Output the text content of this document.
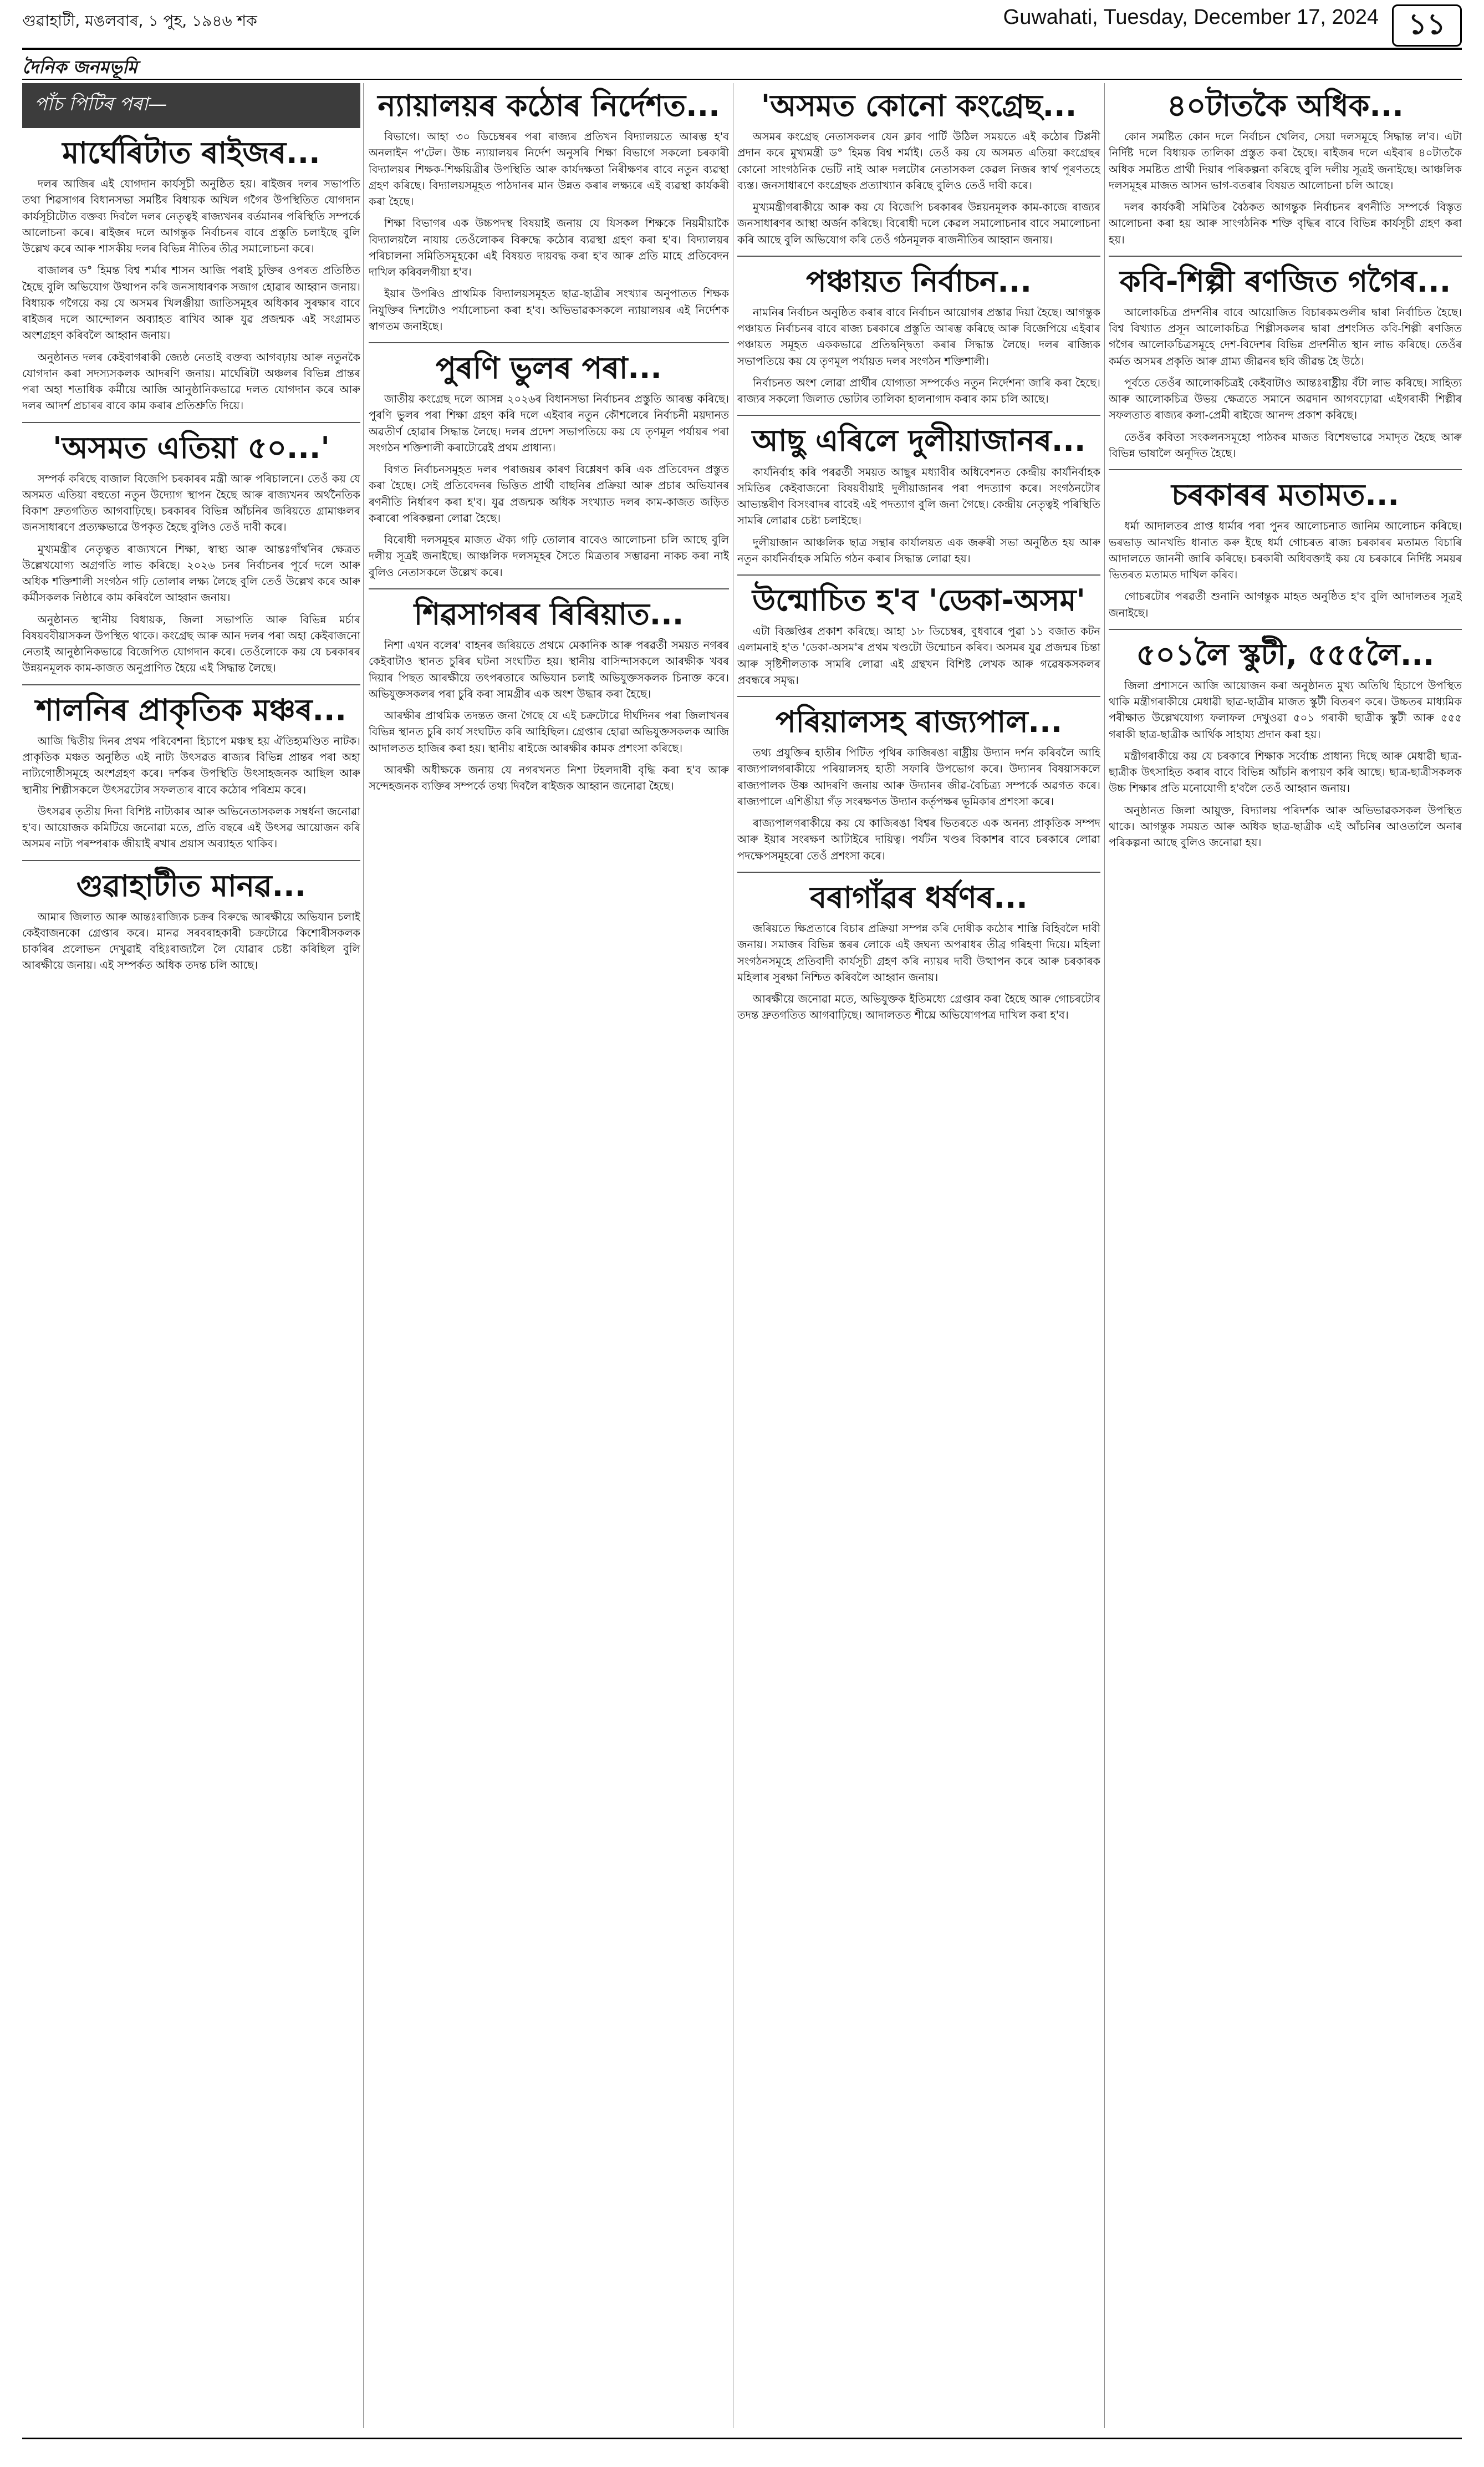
গুৱাহাটী, মঙলবাৰ, ১ পুহ, ১৯৪৬ শক	Guwahati, Tuesday, December 17, 2024	১১
দৈনিক জনমভূমি
পাঁচ পিটিৰ পৰা—
মাৰ্ঘেৰিটাত ৰাইজৰ...

দলৰ আজিৰ এই যোগদান কাৰ্যসূচী অনুষ্ঠিত হয়। ৰাইজৰ দলৰ সভাপতি তথা শিৱসাগৰ বিধানসভা সমষ্টিৰ বিধায়ক অখিল গগৈৰ উপস্থিতিত যোগদান কাৰ্যসূচীটোত বক্তব্য দিবলৈ দলৰ নেতৃত্বই ৰাজ্যখনৰ বৰ্তমানৰ পৰিস্থিতি সম্পৰ্কে আলোচনা কৰে। ৰাইজৰ দলে আগন্তুক নিৰ্বাচনৰ বাবে প্ৰস্তুতি চলাইছে বুলি উল্লেখ কৰে আৰু শাসকীয় দলৰ বিভিন্ন নীতিৰ তীব্ৰ সমালোচনা কৰে।

বাজালৰ ড° হিমন্ত বিশ্ব শৰ্মাৰ শাসন আজি পৰাই চুক্তিৰ ওপৰত প্ৰতিষ্ঠিত হৈছে বুলি অভিযোগ উত্থাপন কৰি জনসাধাৰণক সজাগ হোৱাৰ আহ্বান জনায়। বিধায়ক গগৈয়ে কয় যে অসমৰ খিলঞ্জীয়া জাতিসমূহৰ অধিকাৰ সুৰক্ষাৰ বাবে ৰাইজৰ দলে আন্দোলন অব্যাহত ৰাখিব আৰু যুৱ প্ৰজন্মক এই সংগ্ৰামত অংশগ্ৰহণ কৰিবলৈ আহ্বান জনায়।

অনুষ্ঠানত দলৰ কেইবাগৰাকী জ্যেষ্ঠ নেতাই বক্তব্য আগবঢ়ায় আৰু নতুনকৈ যোগদান কৰা সদস্যসকলক আদৰণি জনায়। মাৰ্ঘেৰিটা অঞ্চলৰ বিভিন্ন প্ৰান্তৰ পৰা অহা শতাধিক কৰ্মীয়ে আজি আনুষ্ঠানিকভাৱে দলত যোগদান কৰে আৰু দলৰ আদৰ্শ প্ৰচাৰৰ বাবে কাম কৰাৰ প্ৰতিশ্ৰুতি দিয়ে।

'অসমত এতিয়া ৫০...'

সম্পৰ্ক কৰিছে বাজাল বিজেপি চৰকাৰৰ মন্ত্ৰী আৰু পৰিচালনে। তেওঁ কয় যে অসমত এতিয়া বহুতো নতুন উদ্যোগ স্থাপন হৈছে আৰু ৰাজ্যখনৰ অৰ্থনৈতিক বিকাশ দ্ৰুতগতিত আগবাঢ়িছে। চৰকাৰৰ বিভিন্ন আঁচনিৰ জৰিয়তে গ্ৰামাঞ্চলৰ জনসাধাৰণে প্ৰত্যক্ষভাৱে উপকৃত হৈছে বুলিও তেওঁ দাবী কৰে।

মুখ্যমন্ত্ৰীৰ নেতৃত্বত ৰাজ্যখনে শিক্ষা, স্বাস্থ্য আৰু আন্তঃগাঁথনিৰ ক্ষেত্ৰত উল্লেখযোগ্য অগ্ৰগতি লাভ কৰিছে। ২০২৬ চনৰ নিৰ্বাচনৰ পূৰ্বে দলে আৰু অধিক শক্তিশালী সংগঠন গঢ়ি তোলাৰ লক্ষ্য লৈছে বুলি তেওঁ উল্লেখ কৰে আৰু কৰ্মীসকলক নিষ্ঠাৰে কাম কৰিবলৈ আহ্বান জনায়।

অনুষ্ঠানত স্থানীয় বিধায়ক, জিলা সভাপতি আৰু বিভিন্ন মৰ্চাৰ বিষয়ববীয়াসকল উপস্থিত থাকে। কংগ্ৰেছ আৰু আন দলৰ পৰা অহা কেইবাজনো নেতাই আনুষ্ঠানিকভাৱে বিজেপিত যোগদান কৰে। তেওঁলোকে কয় যে চৰকাৰৰ উন্নয়নমূলক কাম-কাজত অনুপ্ৰাণিত হৈয়ে এই সিদ্ধান্ত লৈছে।

শালনিৰ প্ৰাকৃতিক মঞ্চৰ...

আজি দ্বিতীয় দিনৰ প্ৰথম পৰিবেশনা হিচাপে মঞ্চস্থ হয় ঐতিহ্যমণ্ডিত নাটক। প্ৰাকৃতিক মঞ্চত অনুষ্ঠিত এই নাট্য উৎসৱত ৰাজ্যৰ বিভিন্ন প্ৰান্তৰ পৰা অহা নাট্যগোষ্ঠীসমূহে অংশগ্ৰহণ কৰে। দৰ্শকৰ উপস্থিতি উৎসাহজনক আছিল আৰু স্থানীয় শিল্পীসকলে উৎসৱটোৰ সফলতাৰ বাবে কঠোৰ পৰিশ্ৰম কৰে।

উৎসৱৰ তৃতীয় দিনা বিশিষ্ট নাট্যকাৰ আৰু অভিনেতাসকলক সম্বৰ্ধনা জনোৱা হ'ব। আয়োজক কমিটিয়ে জনোৱা মতে, প্ৰতি বছৰে এই উৎসৱ আয়োজন কৰি অসমৰ নাট্য পৰম্পৰাক জীয়াই ৰখাৰ প্ৰয়াস অব্যাহত থাকিব।

গুৱাহাটীত মানৱ...

আমাৰ জিলাত আৰু আন্তঃৰাজ্যিক চক্ৰৰ বিৰুদ্ধে আৰক্ষীয়ে অভিযান চলাই কেইবাজনকো গ্ৰেপ্তাৰ কৰে। মানৱ সৰবৰাহকাৰী চক্ৰটোৱে কিশোৰীসকলক চাকৰিৰ প্ৰলোভন দেখুৱাই বহিঃৰাজ্যলৈ লৈ যোৱাৰ চেষ্টা কৰিছিল বুলি আৰক্ষীয়ে জনায়। এই সম্পৰ্কত অধিক তদন্ত চলি আছে।

ন্যায়ালয়ৰ কঠোৰ নিৰ্দেশত...

বিভাগে। আহা ৩০ ডিচেম্বৰৰ পৰা ৰাজ্যৰ প্ৰতিখন বিদ্যালয়তে আৰম্ভ হ'ব অনলাইন প'টেল। উচ্চ ন্যায়ালয়ৰ নিৰ্দেশ অনুসৰি শিক্ষা বিভাগে সকলো চৰকাৰী বিদ্যালয়ৰ শিক্ষক-শিক্ষয়িত্ৰীৰ উপস্থিতি আৰু কাৰ্যদক্ষতা নিৰীক্ষণৰ বাবে নতুন ব্যৱস্থা গ্ৰহণ কৰিছে। বিদ্যালয়সমূহত পাঠদানৰ মান উন্নত কৰাৰ লক্ষ্যৰে এই ব্যৱস্থা কাৰ্যকৰী কৰা হৈছে।

শিক্ষা বিভাগৰ এক উচ্চপদস্থ বিষয়াই জনায় যে যিসকল শিক্ষকে নিয়মীয়াকৈ বিদ্যালয়লৈ নাযায় তেওঁলোকৰ বিৰুদ্ধে কঠোৰ ব্যৱস্থা গ্ৰহণ কৰা হ'ব। বিদ্যালয়ৰ পৰিচালনা সমিতিসমূহকো এই বিষয়ত দায়বদ্ধ কৰা হ'ব আৰু প্ৰতি মাহে প্ৰতিবেদন দাখিল কৰিবলগীয়া হ'ব।

ইয়াৰ উপৰিও প্ৰাথমিক বিদ্যালয়সমূহত ছাত্ৰ-ছাত্ৰীৰ সংখ্যাৰ অনুপাতত শিক্ষক নিযুক্তিৰ দিশটোও পৰ্যালোচনা কৰা হ'ব। অভিভাৱকসকলে ন্যায়ালয়ৰ এই নিৰ্দেশক স্বাগতম জনাইছে।

পুৰণি ভুলৰ পৰা...

জাতীয় কংগ্ৰেছ দলে আসন্ন ২০২৬ৰ বিধানসভা নিৰ্বাচনৰ প্ৰস্তুতি আৰম্ভ কৰিছে। পুৰণি ভুলৰ পৰা শিক্ষা গ্ৰহণ কৰি দলে এইবাৰ নতুন কৌশলেৰে নিৰ্বাচনী ময়দানত অৱতীৰ্ণ হোৱাৰ সিদ্ধান্ত লৈছে। দলৰ প্ৰদেশ সভাপতিয়ে কয় যে তৃণমূল পৰ্যায়ৰ পৰা সংগঠন শক্তিশালী কৰাটোৱেই প্ৰথম প্ৰাধান্য।

বিগত নিৰ্বাচনসমূহত দলৰ পৰাজয়ৰ কাৰণ বিশ্লেষণ কৰি এক প্ৰতিবেদন প্ৰস্তুত কৰা হৈছে। সেই প্ৰতিবেদনৰ ভিত্তিত প্ৰাৰ্থী বাছনিৰ প্ৰক্ৰিয়া আৰু প্ৰচাৰ অভিযানৰ ৰণনীতি নিৰ্ধাৰণ কৰা হ'ব। যুৱ প্ৰজন্মক অধিক সংখ্যাত দলৰ কাম-কাজত জড়িত কৰাৰো পৰিকল্পনা লোৱা হৈছে।

বিৰোধী দলসমূহৰ মাজত ঐক্য গঢ়ি তোলাৰ বাবেও আলোচনা চলি আছে বুলি দলীয় সূত্ৰই জনাইছে। আঞ্চলিক দলসমূহৰ সৈতে মিত্ৰতাৰ সম্ভাৱনা নাকচ কৰা নাই বুলিও নেতাসকলে উল্লেখ কৰে।

শিৱসাগৰৰ ৰিৰিয়াত...

নিশা এখন বলেৰ' বাহনৰ জৰিয়তে প্ৰথমে মেকানিক আৰু পৰৱৰ্তী সময়ত নগৰৰ কেইবাটাও স্থানত চুৰিৰ ঘটনা সংঘটিত হয়। স্থানীয় বাসিন্দাসকলে আৰক্ষীক খবৰ দিয়াৰ পিছত আৰক্ষীয়ে তৎপৰতাৰে অভিযান চলাই অভিযুক্তসকলক চিনাক্ত কৰে। অভিযুক্তসকলৰ পৰা চুৰি কৰা সামগ্ৰীৰ এক অংশ উদ্ধাৰ কৰা হৈছে।

আৰক্ষীৰ প্ৰাথমিক তদন্তত জনা গৈছে যে এই চক্ৰটোৱে দীৰ্ঘদিনৰ পৰা জিলাখনৰ বিভিন্ন স্থানত চুৰি কাৰ্য সংঘটিত কৰি আহিছিল। গ্ৰেপ্তাৰ হোৱা অভিযুক্তসকলক আজি আদালতত হাজিৰ কৰা হয়। স্থানীয় ৰাইজে আৰক্ষীৰ কামক প্ৰশংসা কৰিছে।

আৰক্ষী অধীক্ষকে জনায় যে নগৰখনত নিশা টহলদাৰী বৃদ্ধি কৰা হ'ব আৰু সন্দেহজনক ব্যক্তিৰ সম্পৰ্কে তথ্য দিবলৈ ৰাইজক আহ্বান জনোৱা হৈছে।

'অসমত কোনো কংগ্ৰেছ...

অসমৰ কংগ্ৰেছ নেতাসকলৰ যেন ক্লাব পাৰ্টি উঠিল সময়তে এই কঠোৰ টিপ্পনী প্ৰদান কৰে মুখ্যমন্ত্ৰী ড° হিমন্ত বিশ্ব শৰ্মাই। তেওঁ কয় যে অসমত এতিয়া কংগ্ৰেছৰ কোনো সাংগঠনিক ভেটি নাই আৰু দলটোৰ নেতাসকল কেৱল নিজৰ স্বাৰ্থ পূৰণতহে ব্যস্ত। জনসাধাৰণে কংগ্ৰেছক প্ৰত্যাখ্যান কৰিছে বুলিও তেওঁ দাবী কৰে।

মুখ্যমন্ত্ৰীগৰাকীয়ে আৰু কয় যে বিজেপি চৰকাৰৰ উন্নয়নমূলক কাম-কাজে ৰাজ্যৰ জনসাধাৰণৰ আস্থা অৰ্জন কৰিছে। বিৰোধী দলে কেৱল সমালোচনাৰ বাবে সমালোচনা কৰি আছে বুলি অভিযোগ কৰি তেওঁ গঠনমূলক ৰাজনীতিৰ আহ্বান জনায়।

পঞ্চায়ত নিৰ্বাচন...

নামনিৰ নিৰ্বাচন অনুষ্ঠিত কৰাৰ বাবে নিৰ্বাচন আয়োগৰ প্ৰস্তাৱ দিয়া হৈছে। আগন্তুক পঞ্চায়ত নিৰ্বাচনৰ বাবে ৰাজ্য চৰকাৰে প্ৰস্তুতি আৰম্ভ কৰিছে আৰু বিজেপিয়ে এইবাৰ পঞ্চায়ত সমূহত এককভাৱে প্ৰতিদ্বন্দ্বিতা কৰাৰ সিদ্ধান্ত লৈছে। দলৰ ৰাজ্যিক সভাপতিয়ে কয় যে তৃণমূল পৰ্যায়ত দলৰ সংগঠন শক্তিশালী।

নিৰ্বাচনত অংশ লোৱা প্ৰাৰ্থীৰ যোগ্যতা সম্পৰ্কেও নতুন নিৰ্দেশনা জাৰি কৰা হৈছে। ৰাজ্যৰ সকলো জিলাত ভোটাৰ তালিকা হালনাগাদ কৰাৰ কাম চলি আছে।

আছু এৰিলে দুলীয়াজানৰ...

কাৰ্যনিৰ্বাহ কৰি পৰৱৰ্তী সময়ত আছুৰ মধ্যাবীৰ অধিবেশনত কেন্দ্ৰীয় কাৰ্যনিৰ্বাহক সমিতিৰ কেইবাজনো বিষয়বীয়াই দুলীয়াজানৰ পৰা পদত্যাগ কৰে। সংগঠনটোৰ আভ্যন্তৰীণ বিসংবাদৰ বাবেই এই পদত্যাগ বুলি জনা গৈছে। কেন্দ্ৰীয় নেতৃত্বই পৰিস্থিতি সামৰি লোৱাৰ চেষ্টা চলাইছে।

দুলীয়াজান আঞ্চলিক ছাত্ৰ সন্থাৰ কাৰ্যালয়ত এক জৰুৰী সভা অনুষ্ঠিত হয় আৰু নতুন কাৰ্যনিৰ্বাহক সমিতি গঠন কৰাৰ সিদ্ধান্ত লোৱা হয়।

উন্মোচিত হ'ব 'ডেকা-অসম'

এটা বিজ্ঞপ্তিৰ প্ৰকাশ কৰিছে। আহা ১৮ ডিচেম্বৰ, বুধবাৰে পুৱা ১১ বজাত কটন এলামনাই হ'ত 'ডেকা-অসম'ৰ প্ৰথম খণ্ডটো উন্মোচন কৰিব। অসমৰ যুৱ প্ৰজন্মৰ চিন্তা আৰু সৃষ্টিশীলতাক সামৰি লোৱা এই গ্ৰন্থখন বিশিষ্ট লেখক আৰু গৱেষকসকলৰ প্ৰবন্ধৰে সমৃদ্ধ।

পৰিয়ালসহ ৰাজ্যপাল...

তথ্য প্ৰযুক্তিৰ হাতীৰ পিটিত পৃথিৰ কাজিৰঙা ৰাষ্ট্ৰীয় উদ্যান দৰ্শন কৰিবলৈ আহি ৰাজ্যপালগৰাকীয়ে পৰিয়ালসহ হাতী সফাৰি উপভোগ কৰে। উদ্যানৰ বিষয়াসকলে ৰাজ্যপালক উষ্ণ আদৰণি জনায় আৰু উদ্যানৰ জীৱ-বৈচিত্ৰ্য সম্পৰ্কে অৱগত কৰে। ৰাজ্যপালে এশিঙীয়া গঁড় সংৰক্ষণত উদ্যান কৰ্তৃপক্ষৰ ভূমিকাৰ প্ৰশংসা কৰে।

ৰাজ্যপালগৰাকীয়ে কয় যে কাজিৰঙা বিশ্বৰ ভিতৰতে এক অনন্য প্ৰাকৃতিক সম্পদ আৰু ইয়াৰ সংৰক্ষণ আটাইৰে দায়িত্ব। পৰ্যটন খণ্ডৰ বিকাশৰ বাবে চৰকাৰে লোৱা পদক্ষেপসমূহৰো তেওঁ প্ৰশংসা কৰে।

বৰাগাঁৱৰ ধৰ্ষণৰ...

জৰিয়তে ক্ষিপ্ৰতাৰে বিচাৰ প্ৰক্ৰিয়া সম্পন্ন কৰি দোষীক কঠোৰ শাস্তি বিহিবলৈ দাবী জনায়। সমাজৰ বিভিন্ন স্তৰৰ লোকে এই জঘন্য অপৰাধৰ তীব্ৰ গৰিহণা দিয়ে। মহিলা সংগঠনসমূহে প্ৰতিবাদী কাৰ্যসূচী গ্ৰহণ কৰি ন্যায়ৰ দাবী উত্থাপন কৰে আৰু চৰকাৰক মহিলাৰ সুৰক্ষা নিশ্চিত কৰিবলৈ আহ্বান জনায়।

আৰক্ষীয়ে জনোৱা মতে, অভিযুক্তক ইতিমধ্যে গ্ৰেপ্তাৰ কৰা হৈছে আৰু গোচৰটোৰ তদন্ত দ্ৰুতগতিত আগবাঢ়িছে। আদালতত শীঘ্ৰে অভিযোগপত্ৰ দাখিল কৰা হ'ব।

৪০টাতকৈ অধিক...

কোন সমষ্টিত কোন দলে নিৰ্বাচন খেলিব, সেয়া দলসমূহে সিদ্ধান্ত ল'ব। এটা নিৰ্দিষ্ট দলে বিধায়ক তালিকা প্ৰস্তুত কৰা হৈছে। ৰাইজৰ দলে এইবাৰ ৪০টাতকৈ অধিক সমষ্টিত প্ৰাৰ্থী দিয়াৰ পৰিকল্পনা কৰিছে বুলি দলীয় সূত্ৰই জনাইছে। আঞ্চলিক দলসমূহৰ মাজত আসন ভাগ-বতৰাৰ বিষয়ত আলোচনা চলি আছে।

দলৰ কাৰ্যকৰী সমিতিৰ বৈঠকত আগন্তুক নিৰ্বাচনৰ ৰণনীতি সম্পৰ্কে বিস্তৃত আলোচনা কৰা হয় আৰু সাংগঠনিক শক্তি বৃদ্ধিৰ বাবে বিভিন্ন কাৰ্যসূচী গ্ৰহণ কৰা হয়।

কবি-শিল্পী ৰণজিত গগৈৰ...

আলোকচিত্ৰ প্ৰদৰ্শনীৰ বাবে আয়োজিত বিচাৰকমণ্ডলীৰ দ্বাৰা নিৰ্বাচিত হৈছে। বিশ্ব বিখ্যাত প্ৰসূন আলোকচিত্ৰ শিল্পীসকলৰ দ্বাৰা প্ৰশংসিত কবি-শিল্পী ৰণজিত গগৈৰ আলোকচিত্ৰসমূহে দেশ-বিদেশৰ বিভিন্ন প্ৰদৰ্শনীত স্থান লাভ কৰিছে। তেওঁৰ কৰ্মত অসমৰ প্ৰকৃতি আৰু গ্ৰাম্য জীৱনৰ ছবি জীৱন্ত হৈ উঠে।

পূৰ্বতে তেওঁৰ আলোকচিত্ৰই কেইবাটাও আন্তঃৰাষ্ট্ৰীয় বঁটা লাভ কৰিছে। সাহিত্য আৰু আলোকচিত্ৰ উভয় ক্ষেত্ৰতে সমানে অৱদান আগবঢ়োৱা এইগৰাকী শিল্পীৰ সফলতাত ৰাজ্যৰ কলা-প্ৰেমী ৰাইজে আনন্দ প্ৰকাশ কৰিছে।

তেওঁৰ কবিতা সংকলনসমূহো পাঠকৰ মাজত বিশেষভাৱে সমাদৃত হৈছে আৰু বিভিন্ন ভাষালৈ অনূদিত হৈছে।

চৰকাৰৰ মতামত...

ধৰ্মা আদালতৰ প্ৰাপ্ত ধাৰ্মাৰ পৰা পুনৰ আলোচনাত জানিম আলোচন কৰিছে। ভৰভাড় আনখন্ডি ধানাত কৰু ইছে ধৰ্মা গোচৰত ৰাজ্য চৰকাৰৰ মতামত বিচাৰি আদালতে জাননী জাৰি কৰিছে। চৰকাৰী অধিবক্তাই কয় যে চৰকাৰে নিৰ্দিষ্ট সময়ৰ ভিতৰত মতামত দাখিল কৰিব।

গোচৰটোৰ পৰৱৰ্তী শুনানি আগন্তুক মাহত অনুষ্ঠিত হ'ব বুলি আদালতৰ সূত্ৰই জনাইছে।

৫০১লৈ স্কুটী, ৫৫৫লৈ...

জিলা প্ৰশাসনে আজি আয়োজন কৰা অনুষ্ঠানত মুখ্য অতিথি হিচাপে উপস্থিত থাকি মন্ত্ৰীগৰাকীয়ে মেধাৱী ছাত্ৰ-ছাত্ৰীৰ মাজত স্কুটী বিতৰণ কৰে। উচ্চতৰ মাধ্যমিক পৰীক্ষাত উল্লেখযোগ্য ফলাফল দেখুওৱা ৫০১ গৰাকী ছাত্ৰীক স্কুটী আৰু ৫৫৫ গৰাকী ছাত্ৰ-ছাত্ৰীক আৰ্থিক সাহায্য প্ৰদান কৰা হয়।

মন্ত্ৰীগৰাকীয়ে কয় যে চৰকাৰে শিক্ষাক সৰ্বোচ্চ প্ৰাধান্য দিছে আৰু মেধাৱী ছাত্ৰ-ছাত্ৰীক উৎসাহিত কৰাৰ বাবে বিভিন্ন আঁচনি ৰূপায়ণ কৰি আছে। ছাত্ৰ-ছাত্ৰীসকলক উচ্চ শিক্ষাৰ প্ৰতি মনোযোগী হ'বলৈ তেওঁ আহ্বান জনায়।

অনুষ্ঠানত জিলা আয়ুক্ত, বিদ্যালয় পৰিদৰ্শক আৰু অভিভাৱকসকল উপস্থিত থাকে। আগন্তুক সময়ত আৰু অধিক ছাত্ৰ-ছাত্ৰীক এই আঁচনিৰ আওতালৈ অনাৰ পৰিকল্পনা আছে বুলিও জনোৱা হয়।
